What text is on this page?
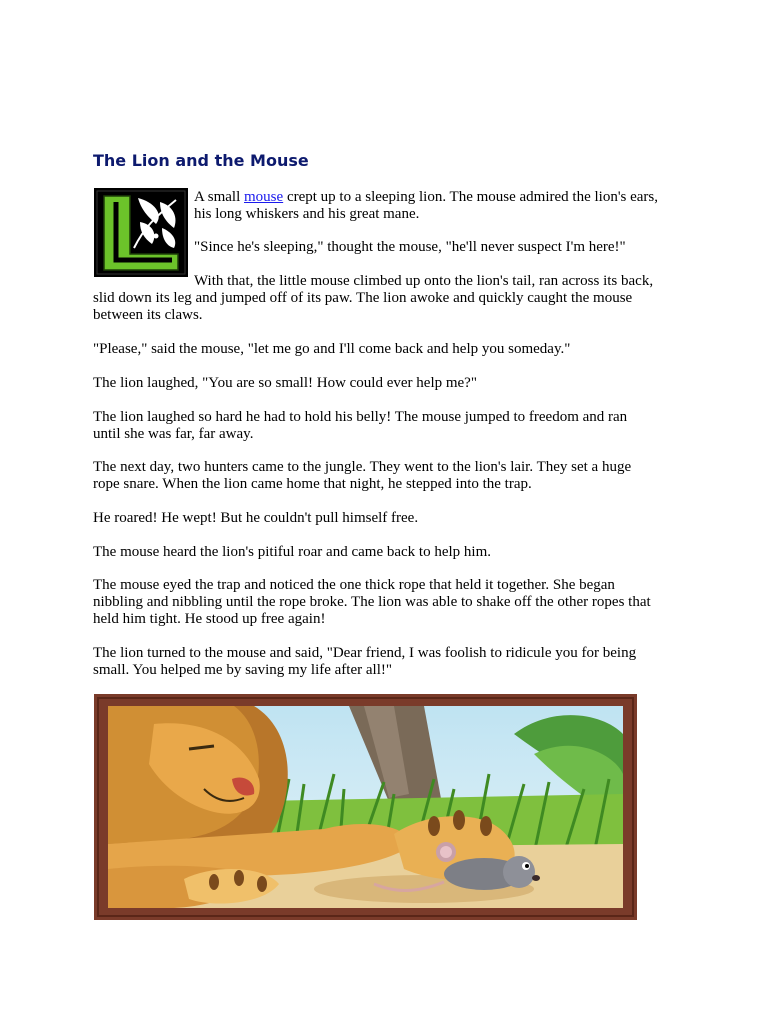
The Lion and the Mouse

A small mouse crept up to a sleeping lion. The mouse admired the lion's ears,
his long whiskers and his great mane.

"Since he's sleeping," thought the mouse, "he'll never suspect I'm here!"

With that, the little mouse climbed up onto the lion's tail, ran across its back,

slid down its leg and jumped off of its paw. The lion awoke and quickly caught the mouse
between its claws.

"Please," said the mouse, "let me go and I'll come back and help you someday."

The lion laughed, "You are so small! How could ever help me?"

The lion laughed so hard he had to hold his belly! The mouse jumped to freedom and ran
until she was far, far away.

The next day, two hunters came to the jungle. They went to the lion's lair. They set a huge
rope snare. When the lion came home that night, he stepped into the trap.

He roared! He wept! But he couldn't pull himself free.

The mouse heard the lion's pitiful roar and came back to help him.

The mouse eyed the trap and noticed the one thick rope that held it together. She began
nibbling and nibbling until the rope broke. The lion was able to shake off the other ropes that
held him tight. He stood up free again!

The lion turned to the mouse and said, "Dear friend, I was foolish to ridicule you for being
small. You helped me by saving my life after all!"
